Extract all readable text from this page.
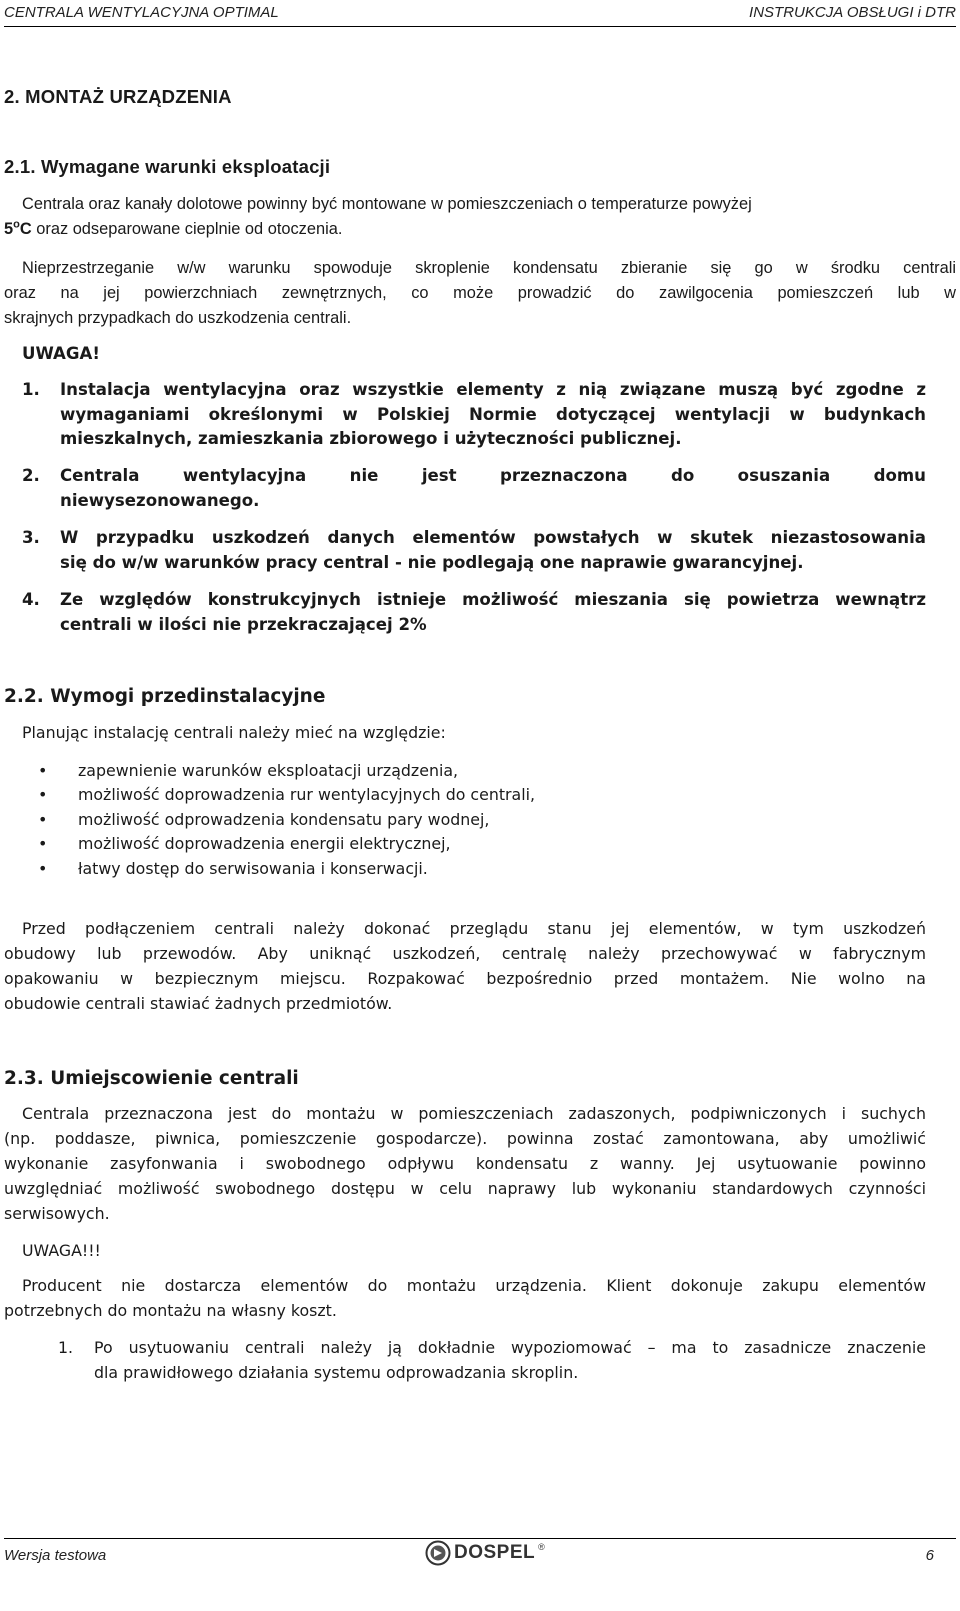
CENTRALA WENTYLACYJNA OPTIMAL	INSTRUKCJA OBSŁUGI i DTR
2. MONTAŻ URZĄDZENIA
2.1. Wymagane warunki eksploatacji
Centrala oraz kanały dolotowe powinny być montowane w pomieszczeniach o temperaturze powyżej
5$^o$C oraz odseparowane cieplnie od otoczenia.
Nieprzestrzeganie w/w warunku spowoduje skroplenie kondensatu zbieranie się go w środku centrali
oraz na jej powierzchniach zewnętrznych, co może prowadzić do zawilgocenia pomieszczeń lub w
skrajnych przypadkach do uszkodzenia centrali.
UWAGA!
1. Instalacja wentylacyjna oraz wszystkie elementy z nią związane muszą być zgodne z
wymaganiami określonymi w Polskiej Normie dotyczącej wentylacji w budynkach
mieszkalnych, zamieszkania zbiorowego i użyteczności publicznej.
2. Centrala wentylacyjna nie jest przeznaczona do osuszania domu
niewysezonowanego.
3. W przypadku uszkodzeń danych elementów powstałych w skutek niezastosowania
się do w/w warunków pracy central - nie podlegają one naprawie gwarancyjnej.
4. Ze względów konstrukcyjnych istnieje możliwość mieszania się powietrza wewnątrz
centrali w ilości nie przekraczającej 2%
2.2. Wymogi przedinstalacyjne
Planując instalację centrali należy mieć na względzie:
•	zapewnienie warunków eksploatacji urządzenia,
•	możliwość doprowadzenia rur wentylacyjnych do centrali,
•	możliwość odprowadzenia kondensatu pary wodnej,
•	możliwość doprowadzenia energii elektrycznej,
•	łatwy dostęp do serwisowania i konserwacji.
Przed podłączeniem centrali należy dokonać przeglądu stanu jej elementów, w tym uszkodzeń
obudowy lub przewodów. Aby uniknąć uszkodzeń, centralę należy przechowywać w fabrycznym
opakowaniu w bezpiecznym miejscu. Rozpakować bezpośrednio przed montażem. Nie wolno na
obudowie centrali stawiać żadnych przedmiotów.
2.3. Umiejscowienie centrali
Centrala przeznaczona jest do montażu w pomieszczeniach zadaszonych, podpiwniczonych i suchych
(np. poddasze, piwnica, pomieszczenie gospodarcze). powinna zostać zamontowana, aby umożliwić
wykonanie zasyfonwania i swobodnego odpływu kondensatu z wanny. Jej usytuowanie powinno
uwzględniać możliwość swobodnego dostępu w celu naprawy lub wykonaniu standardowych czynności
serwisowych.
UWAGA!!!
Producent nie dostarcza elementów do montażu urządzenia. Klient dokonuje zakupu elementów
potrzebnych do montażu na własny koszt.
1. Po usytuowaniu centrali należy ją dokładnie wypoziomować – ma to zasadnicze znaczenie
dla prawidłowego działania systemu odprowadzania skroplin.
Wersja testowa	DOSPEL ®	6
